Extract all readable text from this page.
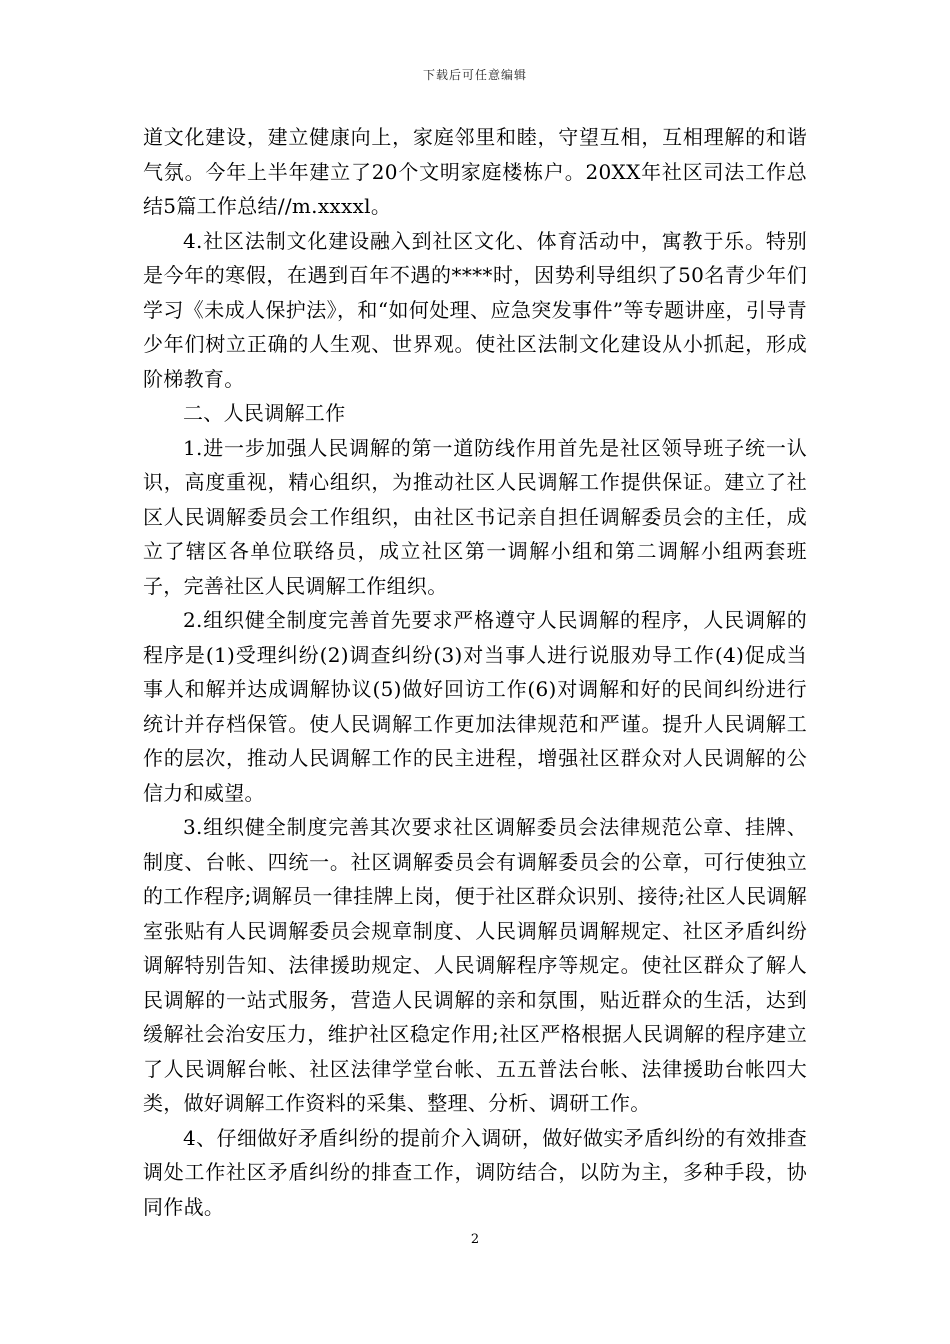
下载后可任意编辑

道文化建设，建立健康向上，家庭邻里和睦，守望互相，互相理解的和谐气氛。今年上半年建立了20个文明家庭楼栋户。20XX年社区司法工作总结5篇工作总结//m.xxxxl。

4.社区法制文化建设融入到社区文化、体育活动中，寓教于乐。特别是今年的寒假，在遇到百年不遇的****时，因势利导组织了50名青少年们学习《未成人保护法》，和“如何处理、应急突发事件”等专题讲座，引导青少年们树立正确的人生观、世界观。使社区法制文化建设从小抓起，形成阶梯教育。

二、人民调解工作

1.进一步加强人民调解的第一道防线作用首先是社区领导班子统一认识，高度重视，精心组织，为推动社区人民调解工作提供保证。建立了社区人民调解委员会工作组织，由社区书记亲自担任调解委员会的主任，成立了辖区各单位联络员，成立社区第一调解小组和第二调解小组两套班子，完善社区人民调解工作组织。

2.组织健全制度完善首先要求严格遵守人民调解的程序，人民调解的程序是(1)受理纠纷(2)调查纠纷(3)对当事人进行说服劝导工作(4)促成当事人和解并达成调解协议(5)做好回访工作(6)对调解和好的民间纠纷进行统计并存档保管。使人民调解工作更加法律规范和严谨。提升人民调解工作的层次，推动人民调解工作的民主进程，增强社区群众对人民调解的公信力和威望。

3.组织健全制度完善其次要求社区调解委员会法律规范公章、挂牌、制度、台帐、四统一。社区调解委员会有调解委员会的公章，可行使独立的工作程序;调解员一律挂牌上岗，便于社区群众识别、接待;社区人民调解室张贴有人民调解委员会规章制度、人民调解员调解规定、社区矛盾纠纷调解特别告知、法律援助规定、人民调解程序等规定。使社区群众了解人民调解的一站式服务，营造人民调解的亲和氛围，贴近群众的生活，达到缓解社会治安压力，维护社区稳定作用;社区严格根据人民调解的程序建立了人民调解台帐、社区法律学堂台帐、五五普法台帐、法律援助台帐四大类，做好调解工作资料的采集、整理、分析、调研工作。

4、仔细做好矛盾纠纷的提前介入调研，做好做实矛盾纠纷的有效排查调处工作社区矛盾纠纷的排查工作，调防结合，以防为主，多种手段，协同作战。

2
